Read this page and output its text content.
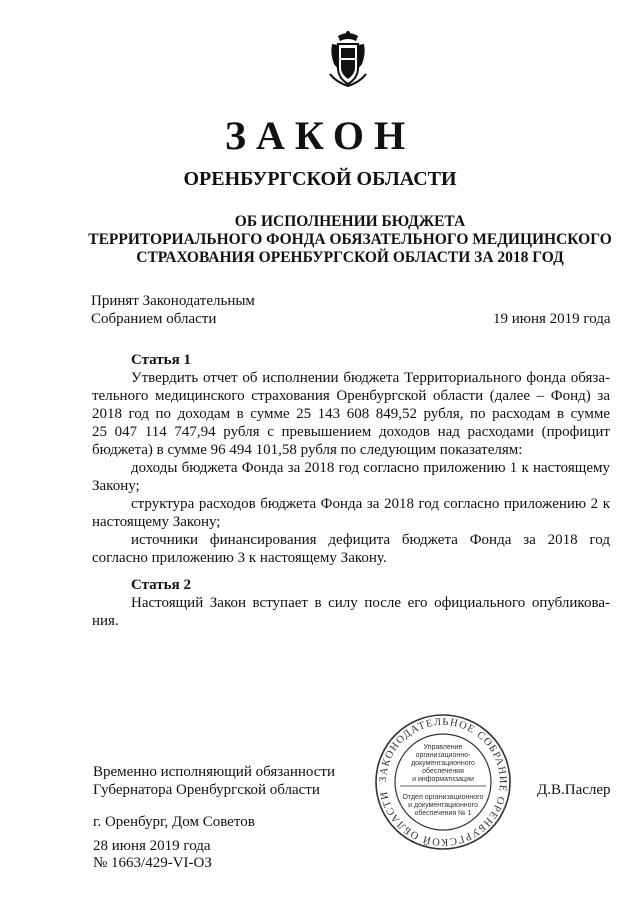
ЗАКОН
ОРЕНБУРГСКОЙ ОБЛАСТИ
ОБ ИСПОЛНЕНИИ БЮДЖЕТА
ТЕРРИТОРИАЛЬНОГО ФОНДА ОБЯЗАТЕЛЬНОГО МЕДИЦИНСКОГО
СТРАХОВАНИЯ ОРЕНБУРГСКОЙ ОБЛАСТИ ЗА 2018 ГОД
Принят Законодательным
Собранием области	19 июня 2019 года
Статья 1
Утвердить отчет об исполнении бюджета Территориального фонда обяза-
тельного медицинского страхования Оренбургской области (далее – Фонд) за
2018 год по доходам в сумме 25 143 608 849,52 рубля, по расходам в сумме
25 047 114 747,94 рубля с превышением доходов над расходами (профицит
бюджета) в сумме 96 494 101,58 рубля по следующим показателям:
доходы бюджета Фонда за 2018 год согласно приложению 1 к настоящему
Закону;
структура расходов бюджета Фонда за 2018 год согласно приложению 2 к
настоящему Закону;
источники финансирования дефицита бюджета Фонда за 2018 год
согласно приложению 3 к настоящему Закону.
Статья 2
Настоящий Закон вступает в силу после его официального опубликова-
ния.
Временно исполняющий обязанности
Губернатора Оренбургской области	Д.В.Паслер
г. Оренбург, Дом Советов
28 июня 2019 года
№ 1663/429-VI-ОЗ
ЗАКОНОДАТЕЛЬНОЕ СОБРАНИЕ ОРЕНБУРГСКОЙ ОБЛАСТИ
Управление
организационно-
документационного
обеспечения
и информатизации
Отдел организационного
и документационного
обеспечения № 1
